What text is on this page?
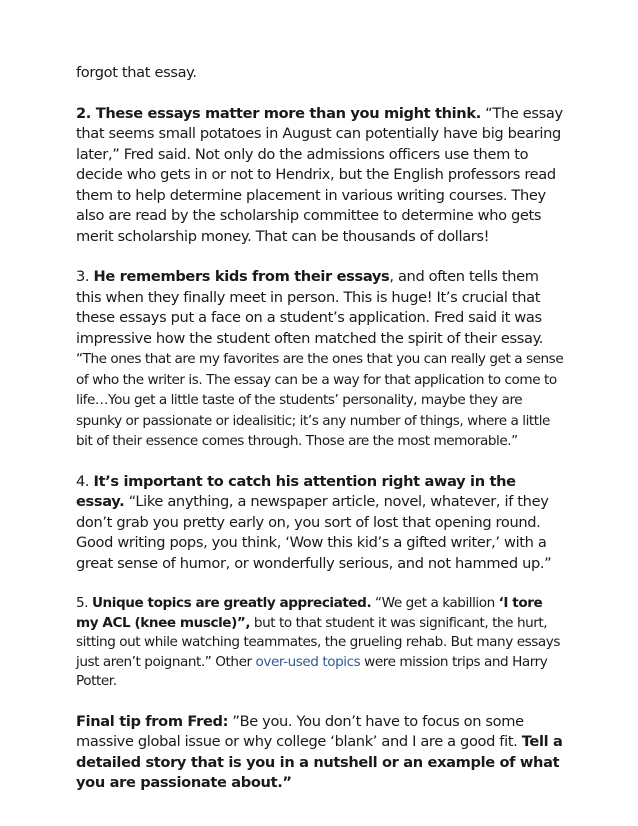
forgot that essay.

2. These essays matter more than you might think. “The essay that seems small potatoes in August can potentially have big bearing later,” Fred said. Not only do the admissions officers use them to decide who gets in or not to Hendrix, but the English professors read them to help determine placement in various writing courses. They also are read by the scholarship committee to determine who gets merit scholarship money. That can be thousands of dollars!

3. He remembers kids from their essays, and often tells them this when they finally meet in person. This is huge! It’s crucial that these essays put a face on a student’s application. Fred said it was impressive how the student often matched the spirit of their essay. “The ones that are my favorites are the ones that you can really get a sense of who the writer is. The essay can be a way for that application to come to life…You get a little taste of the students’ personality, maybe they are spunky or passionate or idealisitic; it’s any number of things, where a little bit of their essence comes through. Those are the most memorable.”

4. It’s important to catch his attention right away in the essay. “Like anything, a newspaper article, novel, whatever, if they don’t grab you pretty early on, you sort of lost that opening round. Good writing pops, you think, ‘Wow this kid’s a gifted writer,’ with a great sense of humor, or wonderfully serious, and not hammed up.”

5. Unique topics are greatly appreciated. “We get a kabillion ‘I tore my ACL (knee muscle)”, but to that student it was significant, the hurt, sitting out while watching teammates, the grueling rehab. But many essays just aren’t poignant.” Other over-used topics were mission trips and Harry Potter.

Final tip from Fred: ”Be you. You don’t have to focus on some massive global issue or why college ‘blank’ and I are a good fit. Tell a detailed story that is you in a nutshell or an example of what you are passionate about.”
